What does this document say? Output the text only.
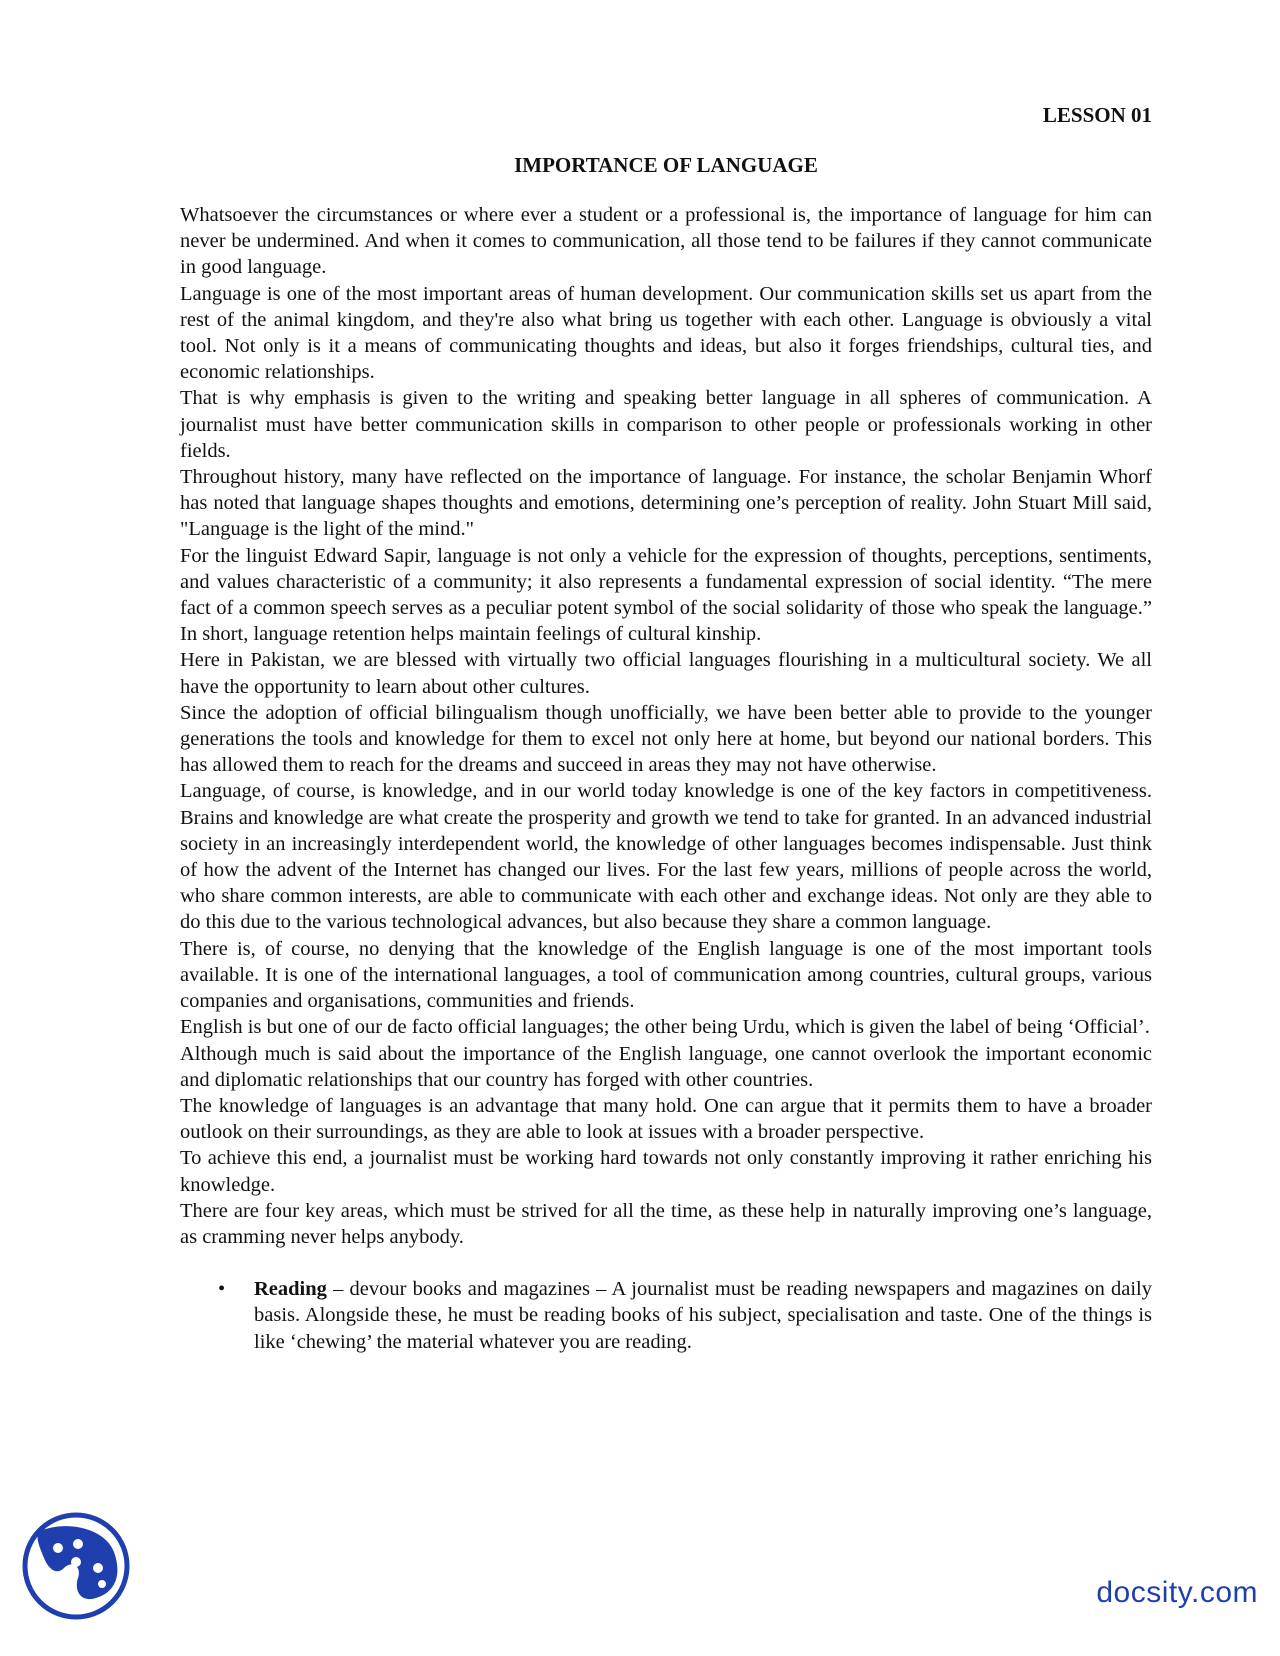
LESSON 01

IMPORTANCE OF LANGUAGE

Whatsoever the circumstances or where ever a student or a professional is, the importance of language for him can never be undermined. And when it comes to communication, all those tend to be failures if they cannot communicate in good language.

Language is one of the most important areas of human development. Our communication skills set us apart from the rest of the animal kingdom, and they're also what bring us together with each other. Language is obviously a vital tool. Not only is it a means of communicating thoughts and ideas, but also it forges friendships, cultural ties, and economic relationships.

That is why emphasis is given to the writing and speaking better language in all spheres of communication. A journalist must have better communication skills in comparison to other people or professionals working in other fields.

Throughout history, many have reflected on the importance of language. For instance, the scholar Benjamin Whorf has noted that language shapes thoughts and emotions, determining one’s perception of reality. John Stuart Mill said, "Language is the light of the mind."

For the linguist Edward Sapir, language is not only a vehicle for the expression of thoughts, perceptions, sentiments, and values characteristic of a community; it also represents a fundamental expression of social identity. “The mere fact of a common speech serves as a peculiar potent symbol of the social solidarity of those who speak the language.” In short, language retention helps maintain feelings of cultural kinship.

Here in Pakistan, we are blessed with virtually two official languages flourishing in a multicultural society. We all have the opportunity to learn about other cultures.

Since the adoption of official bilingualism though unofficially, we have been better able to provide to the younger generations the tools and knowledge for them to excel not only here at home, but beyond our national borders. This has allowed them to reach for the dreams and succeed in areas they may not have otherwise.

Language, of course, is knowledge, and in our world today knowledge is one of the key factors in competitiveness. Brains and knowledge are what create the prosperity and growth we tend to take for granted. In an advanced industrial society in an increasingly interdependent world, the knowledge of other languages becomes indispensable. Just think of how the advent of the Internet has changed our lives. For the last few years, millions of people across the world, who share common interests, are able to communicate with each other and exchange ideas. Not only are they able to do this due to the various technological advances, but also because they share a common language.

There is, of course, no denying that the knowledge of the English language is one of the most important tools available. It is one of the international languages, a tool of communication among countries, cultural groups, various companies and organisations, communities and friends.

English is but one of our de facto official languages; the other being Urdu, which is given the label of being ‘Official’.

Although much is said about the importance of the English language, one cannot overlook the important economic and diplomatic relationships that our country has forged with other countries.

The knowledge of languages is an advantage that many hold. One can argue that it permits them to have a broader outlook on their surroundings, as they are able to look at issues with a broader perspective.

To achieve this end, a journalist must be working hard towards not only constantly improving it rather enriching his knowledge.

There are four key areas, which must be strived for all the time, as these help in naturally improving one’s language, as cramming never helps anybody.

• Reading – devour books and magazines – A journalist must be reading newspapers and magazines on daily basis. Alongside these, he must be reading books of his subject, specialisation and taste. One of the things is like ‘chewing’ the material whatever you are reading.
docsity.com
